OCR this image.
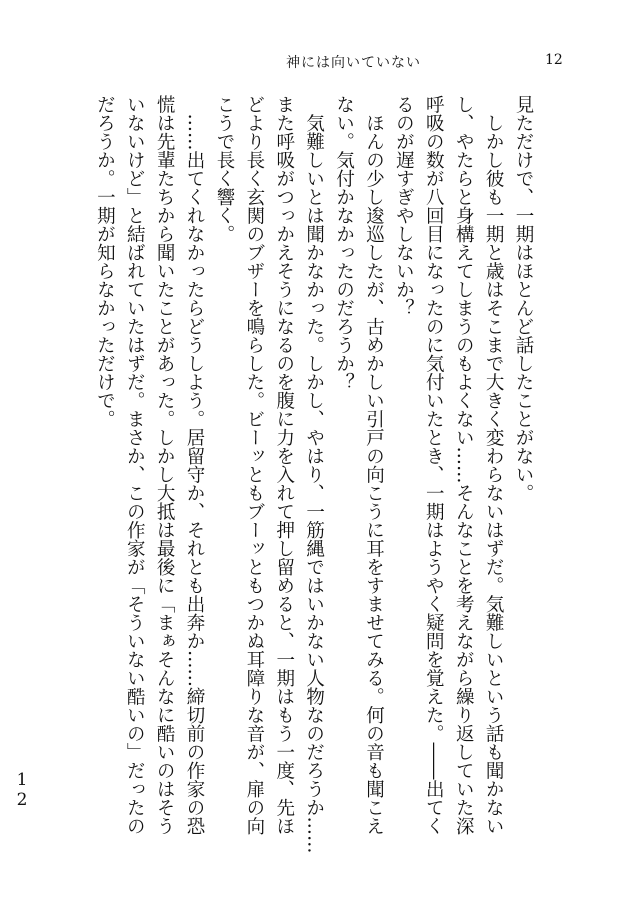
神には向いていない	12

見ただけで、一期はほとんど話したことがない。

　しかし彼も一期と歳はそこまで大きく変わらないはずだ。気難しいという話も聞かない

し、やたらと身構えてしまうのもよくない……そんなことを考えながら繰り返していた深

呼吸の数が八回目になったのに気付いたとき、一期はようやく疑問を覚えた。――出てく

るのが遅すぎやしないか？

　ほんの少し逡巡したが、古めかしい引戸の向こうに耳をすませてみる。何の音も聞こえ

ない。気付かなかったのだろうか？

　気難しいとは聞かなかった。しかし、やはり、一筋縄ではいかない人物なのだろうか……

また呼吸がつっかえそうになるのを腹に力を入れて押し留めると、一期はもう一度、先ほ

どより長く玄関のブザーを鳴らした。ビーッともブーッともつかぬ耳障りな音が、扉の向

こうで長く響く。

　……出てくれなかったらどうしよう。居留守か、それとも出奔か……締切前の作家の恐

慌は先輩たちから聞いたことがあった。しかし大抵は最後に「まぁそんなに酷いのはそう

いないけど」と結ばれていたはずだ。まさか、この作家が「そういない酷いの」だったの

だろうか。一期が知らなかっただけで。

12
